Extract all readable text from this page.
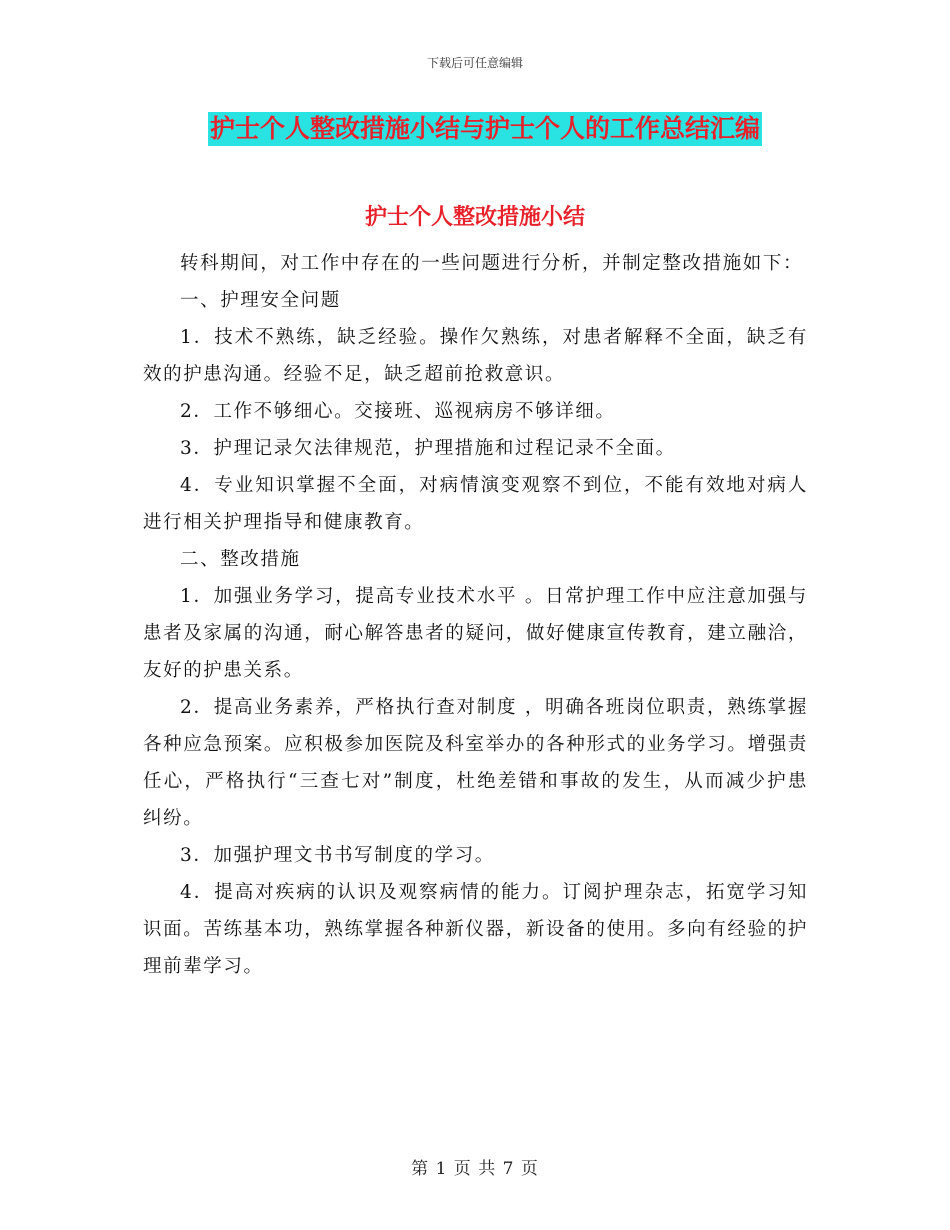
下载后可任意编辑
护士个人整改措施小结与护士个人的工作总结汇编
护士个人整改措施小结

转科期间，对工作中存在的一些问题进行分析，并制定整改措施如下：

一、护理安全问题

1．技术不熟练，缺乏经验。操作欠熟练，对患者解释不全面，缺乏有效的护患沟通。经验不足，缺乏超前抢救意识。

2．工作不够细心。交接班、巡视病房不够详细。

3．护理记录欠法律规范，护理措施和过程记录不全面。

4．专业知识掌握不全面，对病情演变观察不到位，不能有效地对病人进行相关护理指导和健康教育。

二、整改措施

1．加强业务学习，提高专业技术水平 。日常护理工作中应注意加强与患者及家属的沟通，耐心解答患者的疑问，做好健康宣传教育，建立融洽，友好的护患关系。

2．提高业务素养，严格执行查对制度 ，明确各班岗位职责，熟练掌握各种应急预案。应积极参加医院及科室举办的各种形式的业务学习。增强责任心，严格执行“三查七对”制度，杜绝差错和事故的发生，从而减少护患纠纷。

3．加强护理文书书写制度的学习。

4．提高对疾病的认识及观察病情的能力。订阅护理杂志，拓宽学习知识面。苦练基本功，熟练掌握各种新仪器，新设备的使用。多向有经验的护理前辈学习。

第 1 页 共 7 页
